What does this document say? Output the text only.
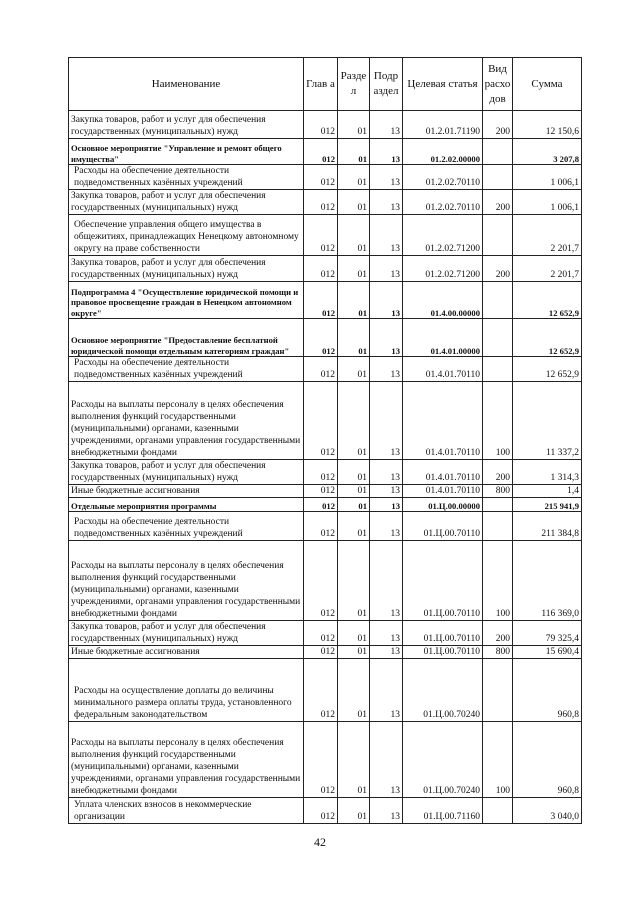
Наименование	Глав а	Разде л	Подр аздел	Целевая статья	Вид расхо дов	Сумма
Закупка товаров, работ и услуг для обеспечения государственных (муниципальных) нужд	012	01	13	01.2.01.71190	200	12 150,6
Основное мероприятие "Управление и ремонт общего имущества"	012	01	13	01.2.02.00000		3 207,8
Расходы на обеспечение деятельности подведомственных казённых учреждений	012	01	13	01.2.02.70110		1 006,1
Закупка товаров, работ и услуг для обеспечения государственных (муниципальных) нужд	012	01	13	01.2.02.70110	200	1 006,1
Обеспечение управления общего имущества в общежитиях, принадлежащих Ненецкому автономному округу на праве собственности	012	01	13	01.2.02.71200		2 201,7
Закупка товаров, работ и услуг для обеспечения государственных (муниципальных) нужд	012	01	13	01.2.02.71200	200	2 201,7
Подпрограмма 4 "Осуществление юридической помощи и правовое просвещение граждан в Ненецком автономном округе"	012	01	13	01.4.00.00000		12 652,9
Основное мероприятие "Предоставление бесплатной юридической помощи отдельным категориям граждан"	012	01	13	01.4.01.00000		12 652,9
Расходы на обеспечение деятельности подведомственных казённых учреждений	012	01	13	01.4.01.70110		12 652,9
Расходы на выплаты персоналу в целях обеспечения выполнения функций государственными (муниципальными) органами, казенными учреждениями, органами управления государственными внебюджетными фондами	012	01	13	01.4.01.70110	100	11 337,2
Закупка товаров, работ и услуг для обеспечения государственных (муниципальных) нужд	012	01	13	01.4.01.70110	200	1 314,3
Иные бюджетные ассигнования	012	01	13	01.4.01.70110	800	1,4
Отдельные мероприятия программы	012	01	13	01.Ц.00.00000		215 941,9
Расходы на обеспечение деятельности подведомственных казённых учреждений	012	01	13	01.Ц.00.70110		211 384,8
Расходы на выплаты персоналу в целях обеспечения выполнения функций государственными (муниципальными) органами, казенными учреждениями, органами управления государственными внебюджетными фондами	012	01	13	01.Ц.00.70110	100	116 369,0
Закупка товаров, работ и услуг для обеспечения государственных (муниципальных) нужд	012	01	13	01.Ц.00.70110	200	79 325,4
Иные бюджетные ассигнования	012	01	13	01.Ц.00.70110	800	15 690,4
Расходы на осуществление доплаты до величины минимального размера оплаты труда, установленного федеральным законодательством	012	01	13	01.Ц.00.70240		960,8
Расходы на выплаты персоналу в целях обеспечения выполнения функций государственными (муниципальными) органами, казенными учреждениями, органами управления государственными внебюджетными фондами	012	01	13	01.Ц.00.70240	100	960,8
Уплата членских взносов в некоммерческие организации	012	01	13	01.Ц.00.71160		3 040,0
42
